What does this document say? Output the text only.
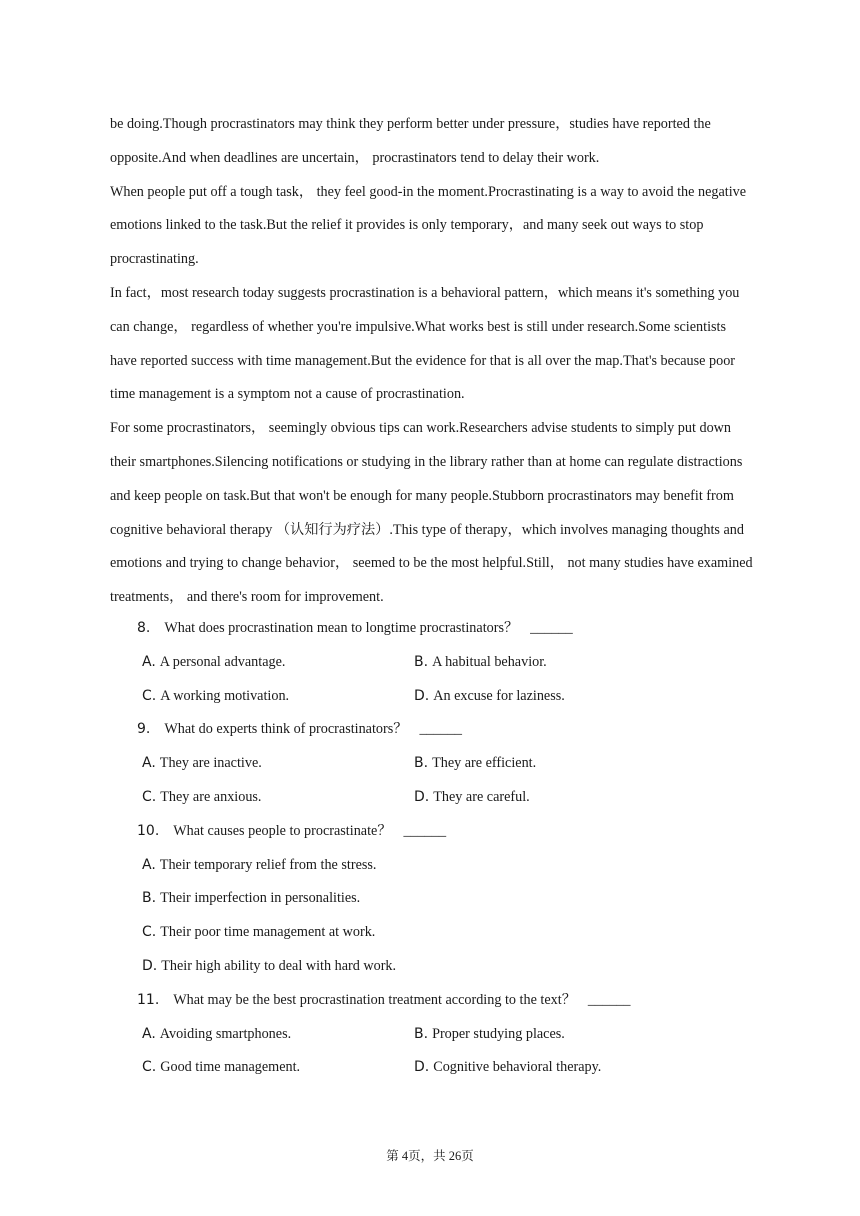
be doing.Though procrastinators may think they perform better under pressure，studies have reported the opposite.And when deadlines are uncertain， procrastinators tend to delay their work.

When people put off a tough task， they feel good-in the moment.Procrastinating is a way to avoid the negative emotions linked to the task.But the relief it provides is only temporary，and many seek out ways to stop procrastinating.

In fact，most research today suggests procrastination is a behavioral pattern，which means it's something you can change， regardless of whether you're impulsive.What works best is still under research.Some scientists have reported success with time management.But the evidence for that is all over the map.That's because poor time management is a symptom not a cause of procrastination.

For some procrastinators， seemingly obvious tips can work.Researchers advise students to simply put down their smartphones.Silencing notifications or studying in the library rather than at home can regulate distractions and keep people on task.But that won't be enough for many people.Stubborn procrastinators may benefit from cognitive behavioral therapy （认知行为疗法）.This type of therapy，which involves managing thoughts and emotions and trying to change behavior， seemed to be the most helpful.Still， not many studies have examined treatments， and there's room for improvement.

8. What does procrastination mean to longtime procrastinators？ ______
A. A personal advantage.	B. A habitual behavior.
C. A working motivation.	D. An excuse for laziness.
9. What do experts think of procrastinators？ ______
A. They are inactive.	B. They are efficient.
C. They are anxious.	D. They are careful.
10. What causes people to procrastinate？ ______
A. Their temporary relief from the stress.
B. Their imperfection in personalities.
C. Their poor time management at work.
D. Their high ability to deal with hard work.
11. What may be the best procrastination treatment according to the text？ ______
A. Avoiding smartphones.	B. Proper studying places.
C. Good time management.	D. Cognitive behavioral therapy.
第 4页，共 26页
